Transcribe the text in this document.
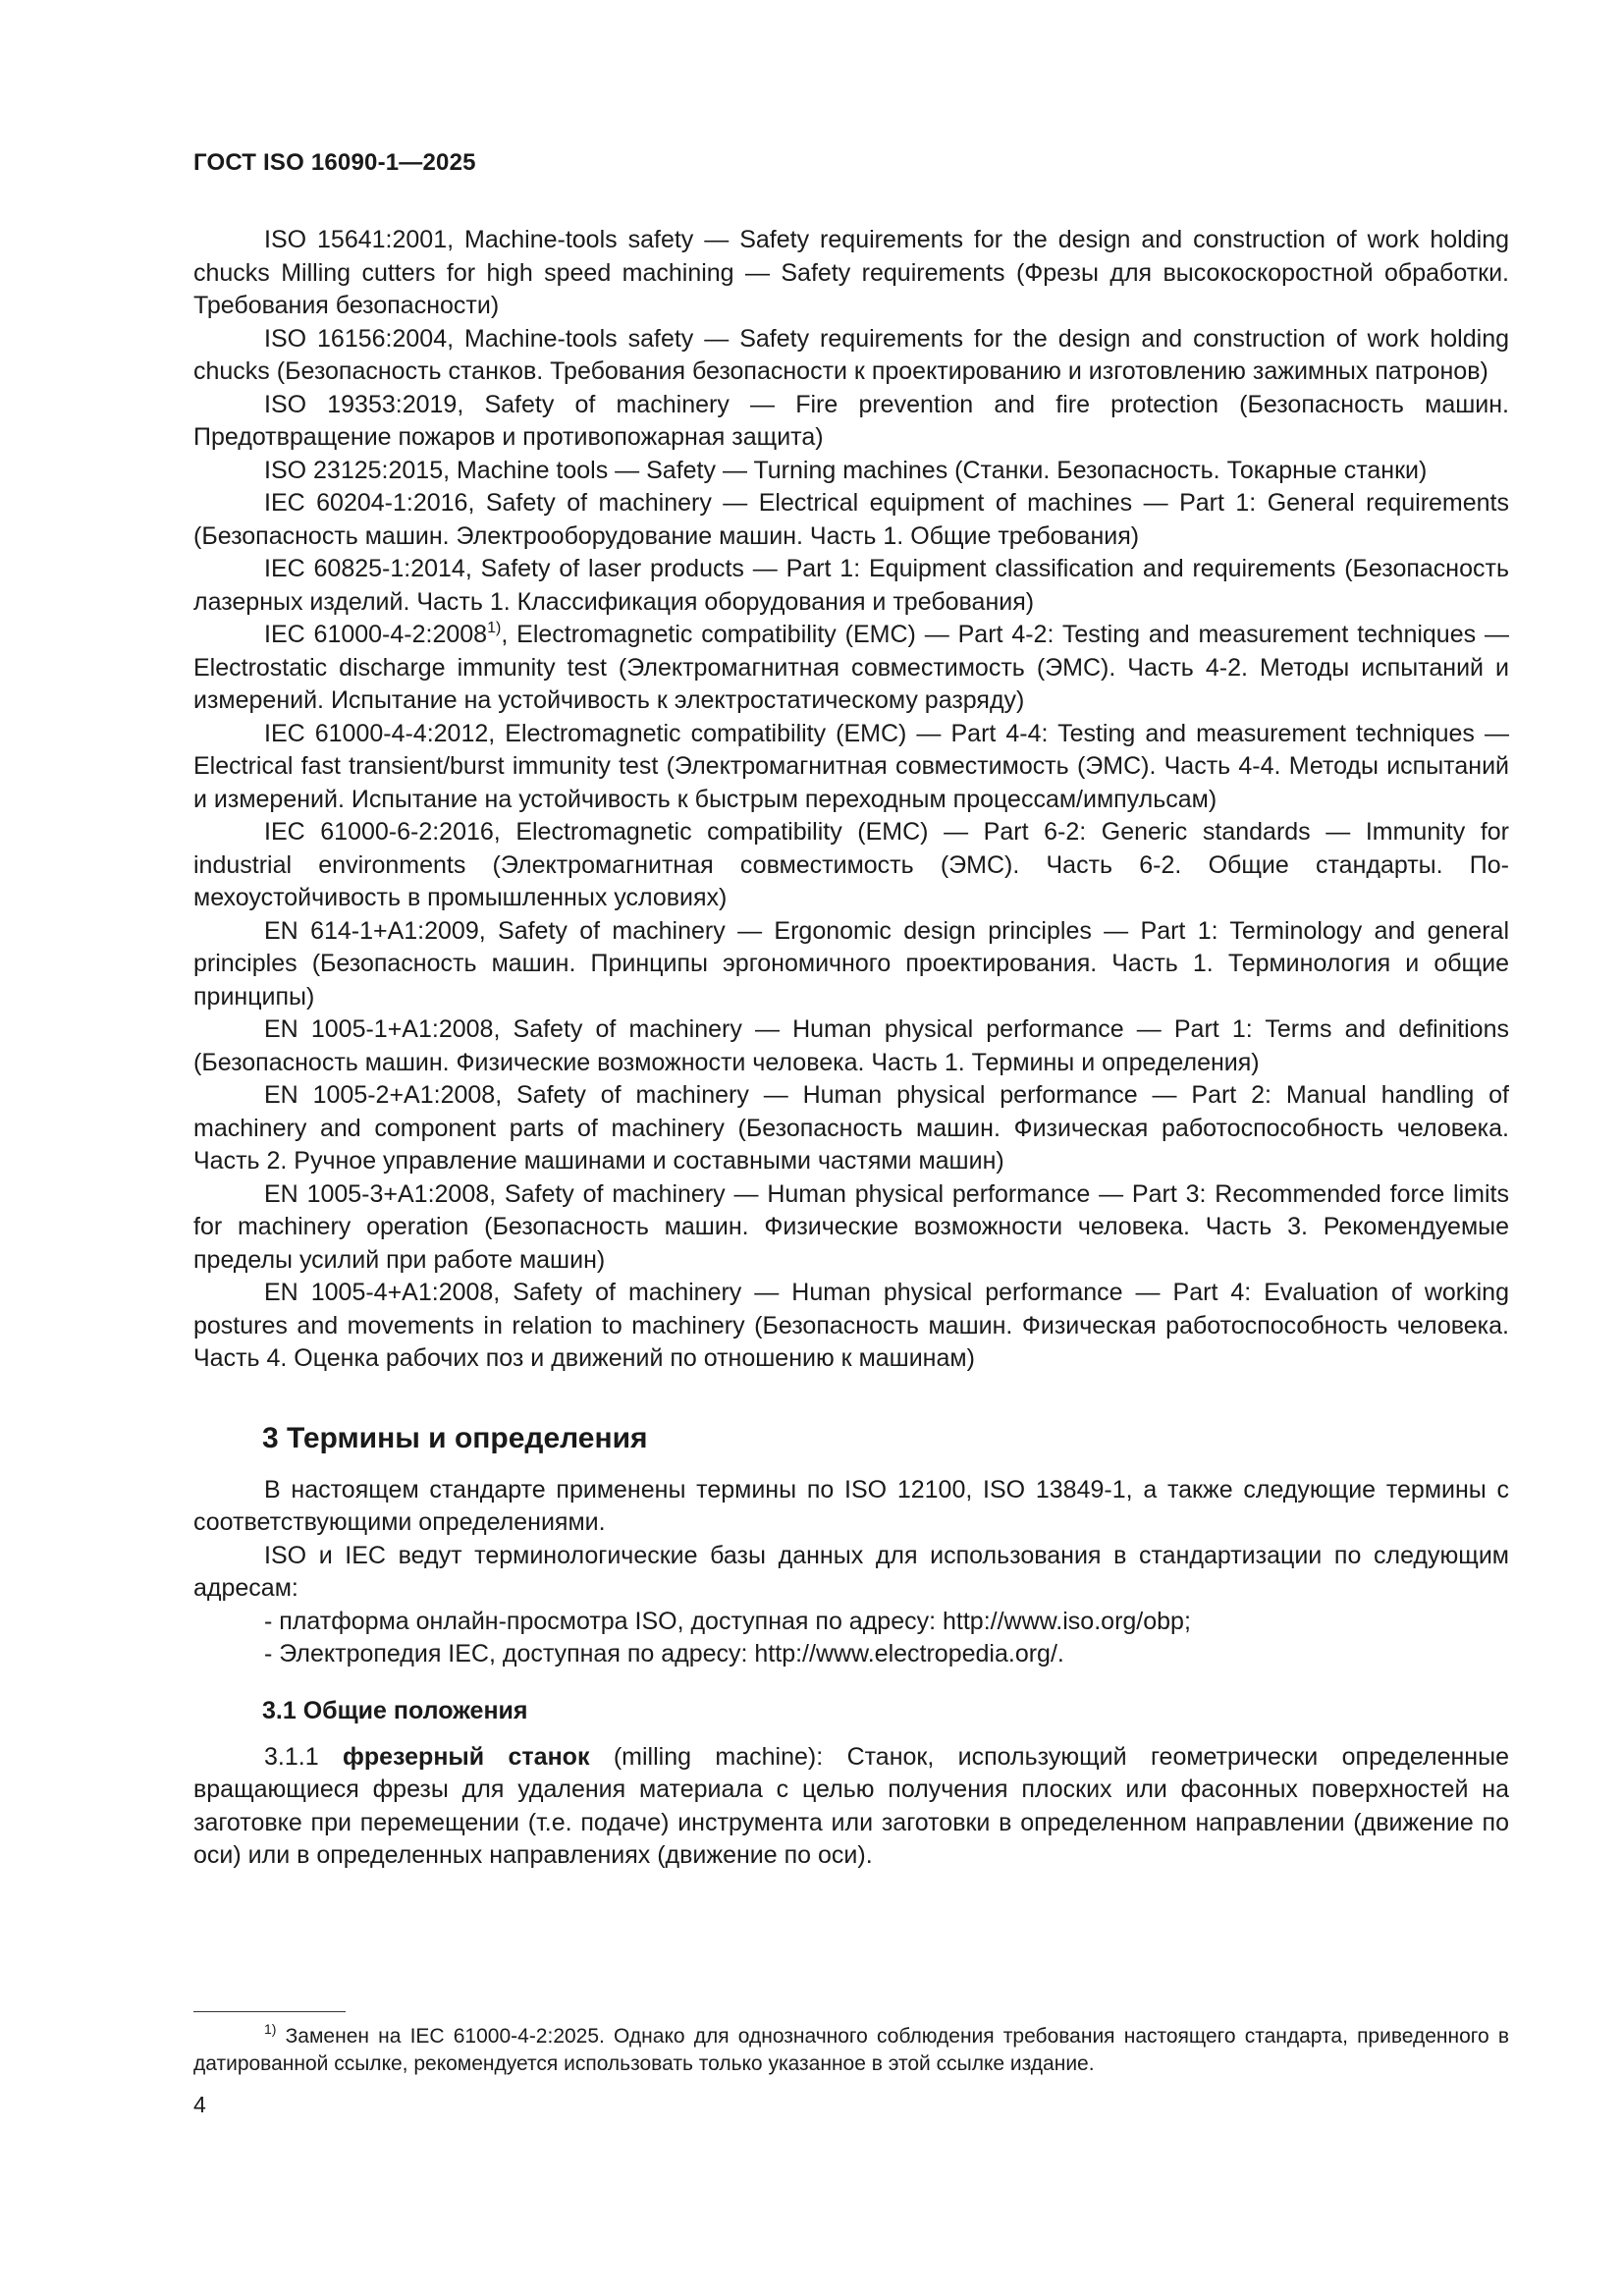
ГОСТ ISO 16090-1—2025

ISO 15641:2001, Machine-tools safety — Safety requirements for the design and construction of work holding chucks Milling cutters for high speed machining — Safety requirements (Фрезы для высокоскоростной обработки. Требования безопасности)

ISO 16156:2004, Machine-tools safety — Safety requirements for the design and construction of work holding chucks (Безопасность станков. Требования безопасности к проектированию и изготовлению зажимных патронов)

ISO 19353:2019, Safety of machinery — Fire prevention and fire protection (Безопасность машин. Предотвращение пожаров и противопожарная защита)

ISO 23125:2015, Machine tools — Safety — Turning machines (Станки. Безопасность. Токарные станки)

IEC 60204-1:2016, Safety of machinery — Electrical equipment of machines — Part 1: General requirements (Безопасность машин. Электрооборудование машин. Часть 1. Общие требования)

IEC 60825-1:2014, Safety of laser products — Part 1: Equipment classification and requirements (Безопасность лазерных изделий. Часть 1. Классификация оборудования и требования)

IEC 61000-4-2:2008$^{1)}$, Electromagnetic compatibility (EMC) — Part 4-2: Testing and measurement techniques — Electrostatic discharge immunity test (Электромагнитная совместимость (ЭМС). Часть 4-2. Методы испытаний и измерений. Испытание на устойчивость к электростатическому разряду)

IEC 61000-4-4:2012, Electromagnetic compatibility (EMC) — Part 4-4: Testing and measurement techniques — Electrical fast transient/burst immunity test (Электромагнитная совместимость (ЭМС). Часть 4-4. Методы испытаний и измерений. Испытание на устойчивость к быстрым переходным процессам/импульсам)

IEC 61000-6-2:2016, Electromagnetic compatibility (EMC) — Part 6-2: Generic standards — Immunity for industrial environments (Электромагнитная совместимость (ЭМС). Часть 6-2. Общие стандарты. Помехоустойчивость в промышленных условиях)

EN 614-1+A1:2009, Safety of machinery — Ergonomic design principles — Part 1: Terminology and general principles (Безопасность машин. Принципы эргономичного проектирования. Часть 1. Терминология и общие принципы)

EN 1005-1+A1:2008, Safety of machinery — Human physical performance — Part 1: Terms and definitions (Безопасность машин. Физические возможности человека. Часть 1. Термины и определения)

EN 1005-2+A1:2008, Safety of machinery — Human physical performance — Part 2: Manual handling of machinery and component parts of machinery (Безопасность машин. Физическая работоспособность человека. Часть 2. Ручное управление машинами и составными частями машин)

EN 1005-3+A1:2008, Safety of machinery — Human physical performance — Part 3: Recommended force limits for machinery operation (Безопасность машин. Физические возможности человека. Часть 3. Рекомендуемые пределы усилий при работе машин)

EN 1005-4+A1:2008, Safety of machinery — Human physical performance — Part 4: Evaluation of working postures and movements in relation to machinery (Безопасность машин. Физическая работоспособность человека. Часть 4. Оценка рабочих поз и движений по отношению к машинам)

3 Термины и определения

В настоящем стандарте применены термины по ISO 12100, ISO 13849-1, а также следующие термины с соответствующими определениями.

ISO и IEC ведут терминологические базы данных для использования в стандартизации по следующим адресам:

- платформа онлайн-просмотра ISO, доступная по адресу: http://www.iso.org/obp;

- Электропедия IEC, доступная по адресу: http://www.electropedia.org/.

3.1 Общие положения

3.1.1 фрезерный станок (milling machine): Станок, использующий геометрически определенные вращающиеся фрезы для удаления материала с целью получения плоских или фасонных поверхностей на заготовке при перемещении (т.е. подаче) инструмента или заготовки в определенном направлении (движение по оси) или в определенных направлениях (движение по оси).

$^{1)}$ Заменен на IEC 61000-4-2:2025. Однако для однозначного соблюдения требования настоящего стандарта, приведенного в датированной ссылке, рекомендуется использовать только указанное в этой ссылке издание.

4
